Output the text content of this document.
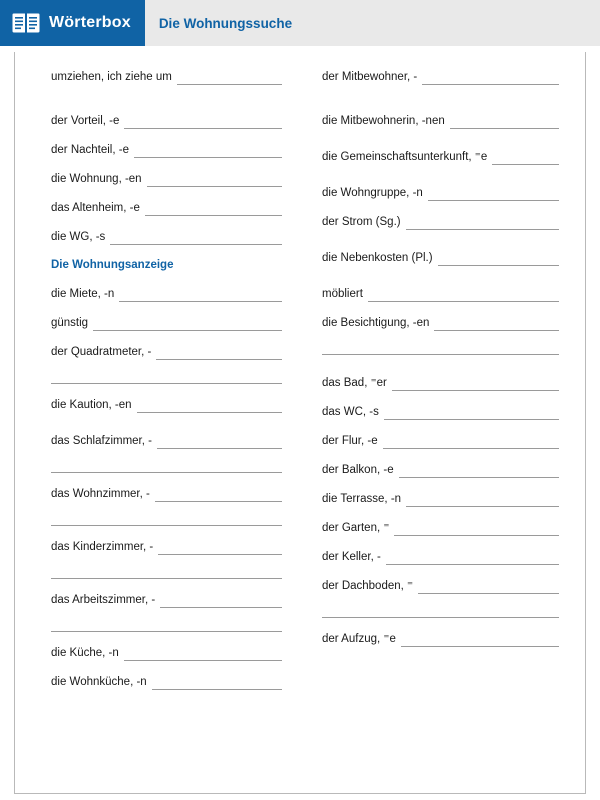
Wörterbox	Die Wohnungssuche
umziehen, ich ziehe um
der Vorteil, -e
der Nachteil, -e
die Wohnung, -en
das Altenheim, -e
die WG, -s
Die Wohnungsanzeige
die Miete, -n
günstig
der Quadratmeter, -
die Kaution, -en
das Schlafzimmer, -
das Wohnzimmer, -
das Kinderzimmer, -
das Arbeitszimmer, -
die Küche, -n
die Wohnküche, -n
der Mitbewohner, -
die Mitbewohnerin, -nen
die Gemeinschaftsunterkunft, ⁼e
die Wohngruppe, -n
der Strom (Sg.)
die Nebenkosten (Pl.)
möbliert
die Besichtigung, -en
das Bad, ⁼er
das WC, -s
der Flur, -e
der Balkon, -e
die Terrasse, -n
der Garten, ⁼
der Keller, -
der Dachboden, ⁼
der Aufzug, ⁼e
